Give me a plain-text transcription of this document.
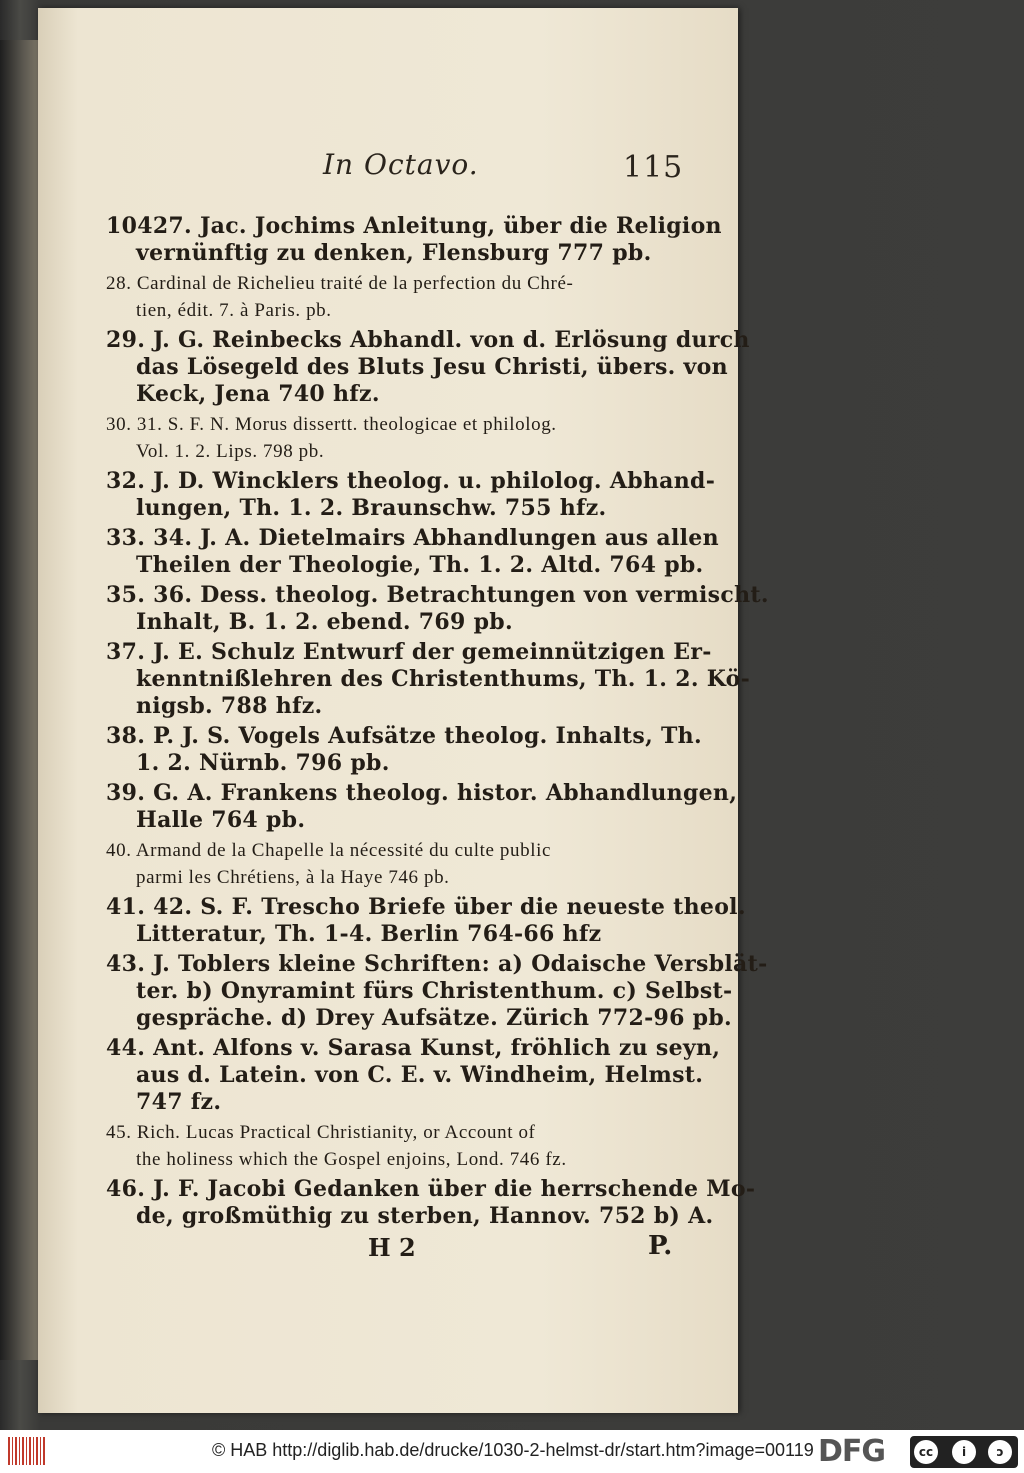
In Octavo.	115
10427. Jac. Jochims Anleitung, über die Religion
vernünftig zu denken, Flensburg 777 pb.
28. Cardinal de Richelieu traité de la perfection du Chré-
tien, édit. 7. à Paris. pb.
29. J. G. Reinbecks Abhandl. von d. Erlösung durch
das Lösegeld des Bluts Jesu Christi, übers. von
Keck, Jena 740 hfz.
30. 31. S. F. N. Morus dissertt. theologicae et philolog.
Vol. 1. 2. Lips. 798 pb.
32. J. D. Wincklers theolog. u. philolog. Abhand-
lungen, Th. 1. 2. Braunschw. 755 hfz.
33. 34. J. A. Dietelmairs Abhandlungen aus allen
Theilen der Theologie, Th. 1. 2. Altd. 764 pb.
35. 36. Dess. theolog. Betrachtungen von vermischt.
Inhalt, B. 1. 2. ebend. 769 pb.
37. J. E. Schulz Entwurf der gemeinnützigen Er-
kenntnißlehren des Christenthums, Th. 1. 2. Kö-
nigsb. 788 hfz.
38. P. J. S. Vogels Aufsätze theolog. Inhalts, Th.
1. 2. Nürnb. 796 pb.
39. G. A. Frankens theolog. histor. Abhandlungen,
Halle 764 pb.
40. Armand de la Chapelle la nécessité du culte public
parmi les Chrétiens, à la Haye 746 pb.
41. 42. S. F. Trescho Briefe über die neueste theol.
Litteratur, Th. 1-4. Berlin 764-66 hfz
43. J. Toblers kleine Schriften: a) Odaische Versblät-
ter. b) Onyramint fürs Christenthum. c) Selbst-
gespräche. d) Drey Aufsätze. Zürich 772-96 pb.
44. Ant. Alfons v. Sarasa Kunst, fröhlich zu seyn,
aus d. Latein. von C. E. v. Windheim, Helmst.
747 fz.
45. Rich. Lucas Practical Christianity, or Account of
the holiness which the Gospel enjoins, Lond. 746 fz.
46. J. F. Jacobi Gedanken über die herrschende Mo-
de, großmüthig zu sterben, Hannov. 752 b) A.
H 2	P.
© HAB http://diglib.hab.de/drucke/1030-2-helmst-dr/start.htm?image=00119 DFG	cc	i	ↄ
